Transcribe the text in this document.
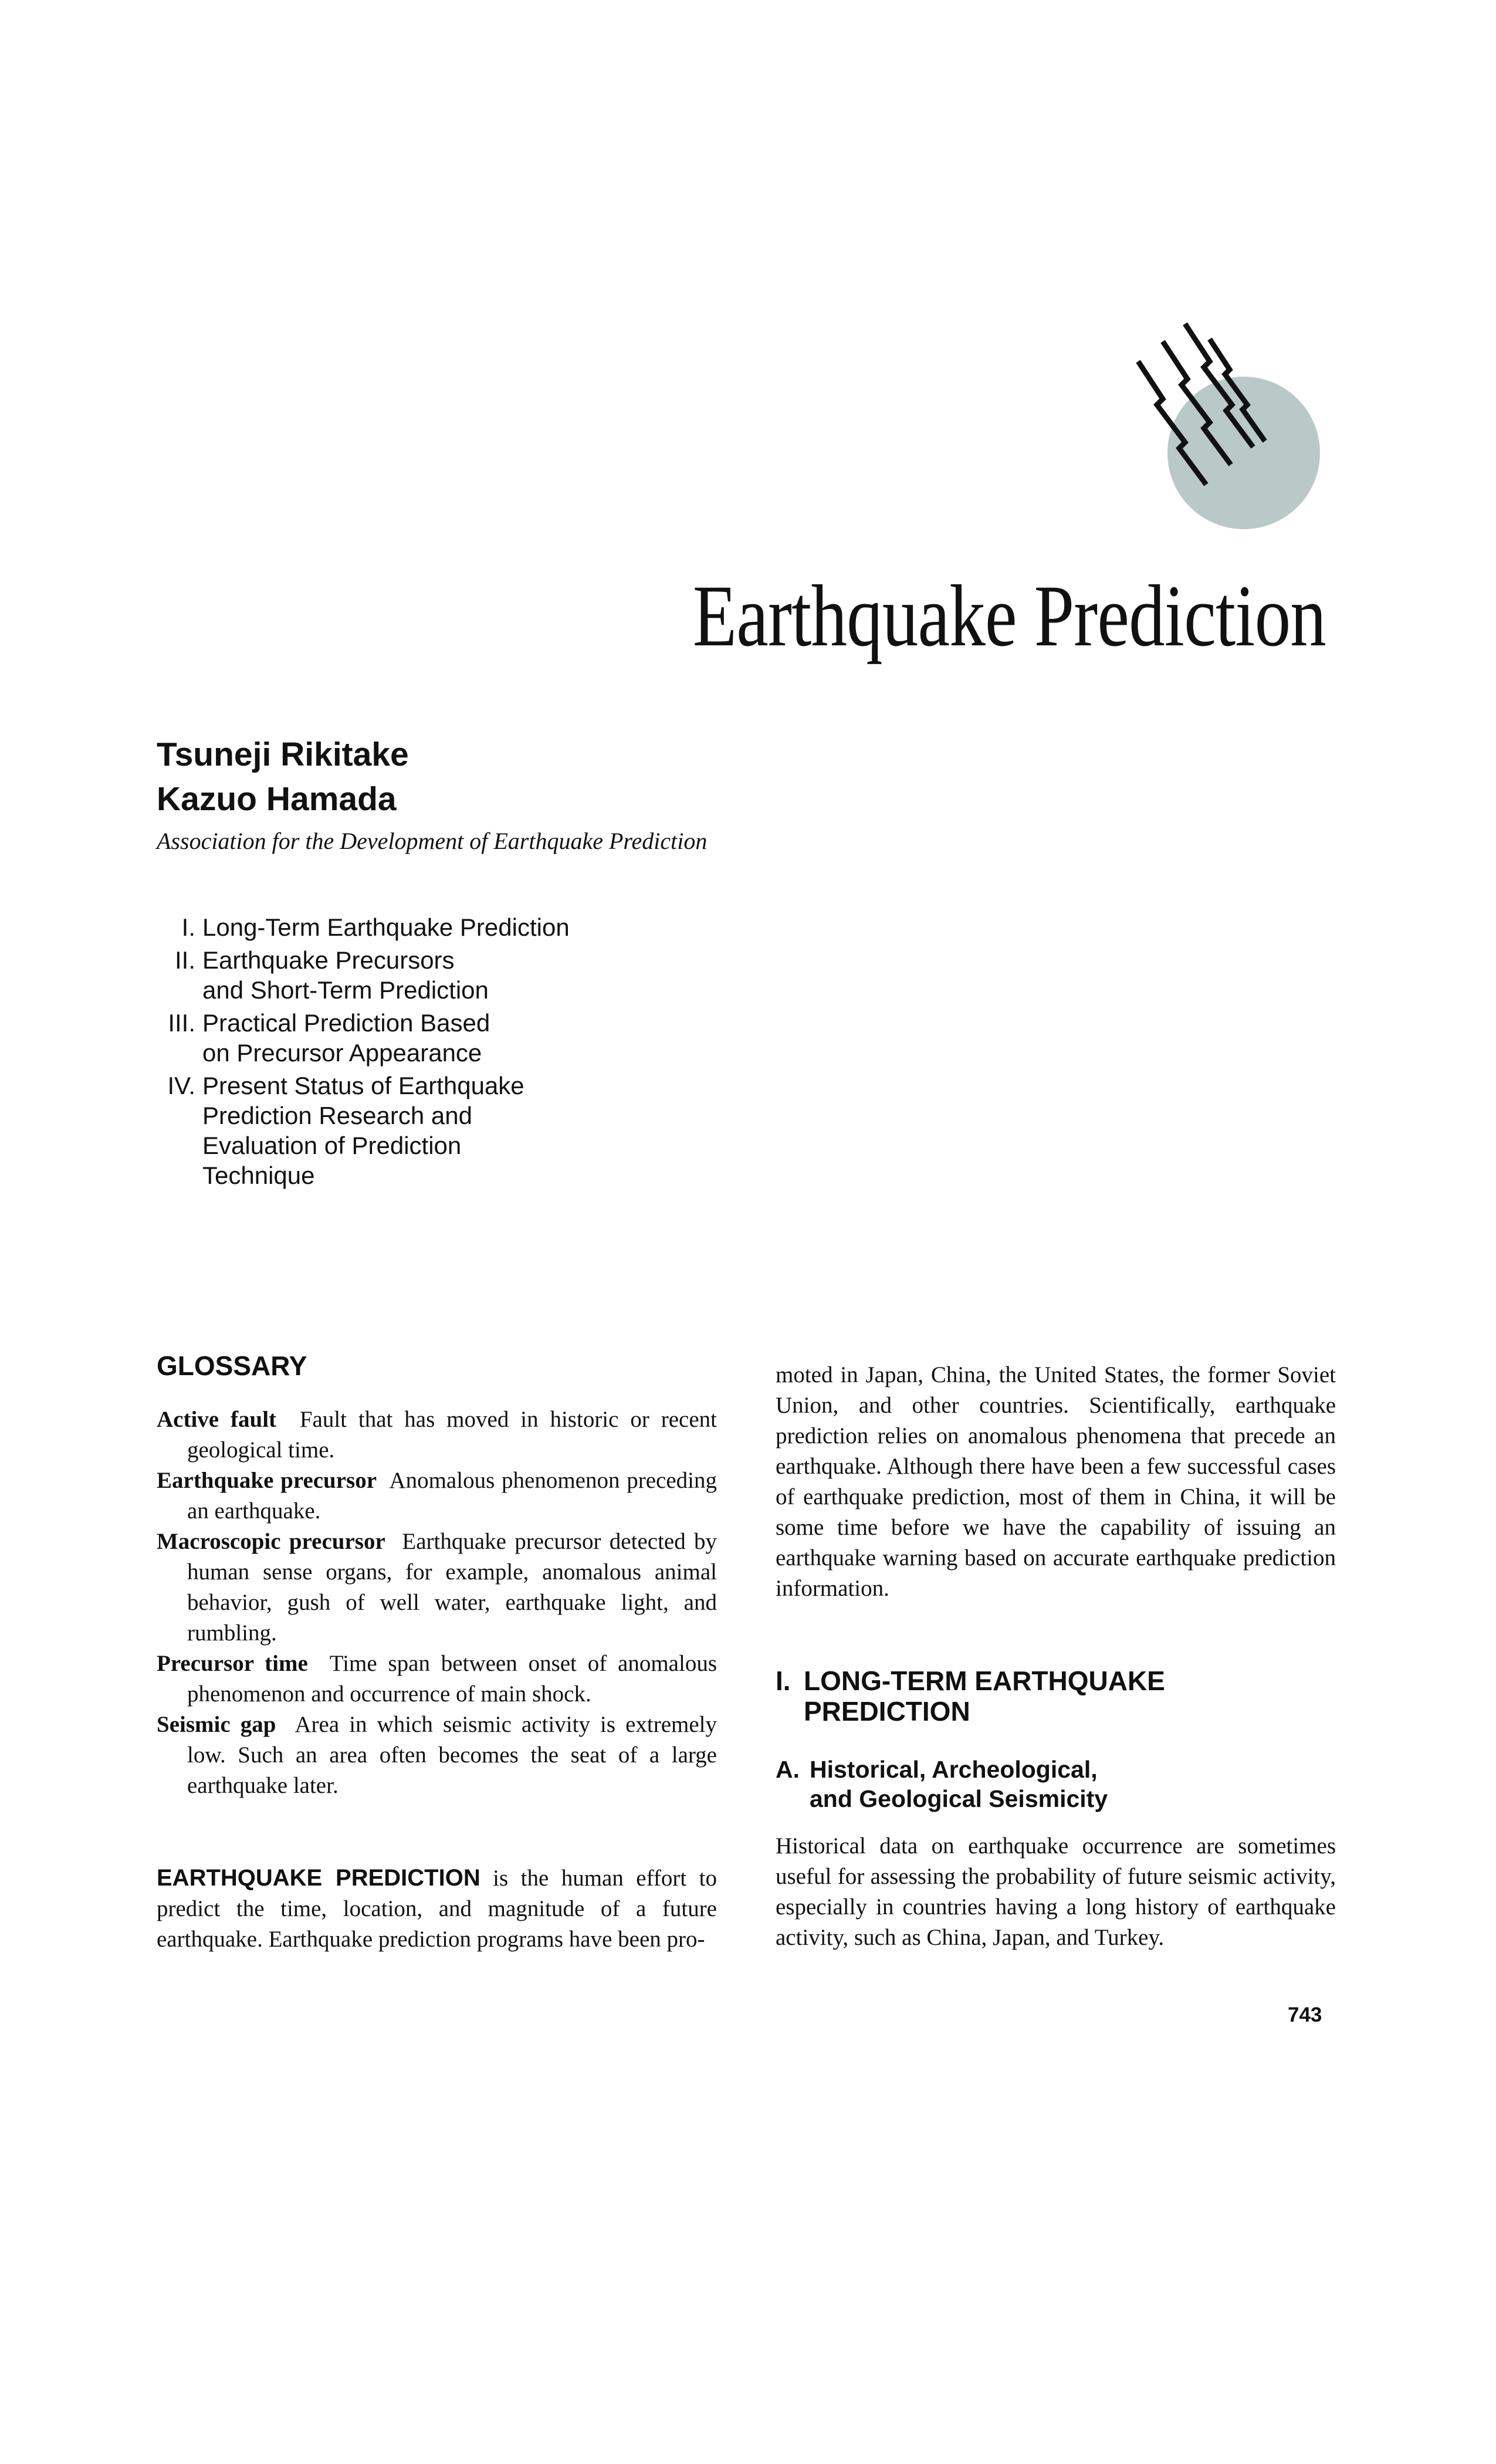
Earthquake Prediction
Tsuneji Rikitake
Kazuo Hamada
Association for the Development of Earthquake Prediction
I. Long-Term Earthquake Prediction
II. Earthquake Precursors
and Short-Term Prediction
III. Practical Prediction Based
on Precursor Appearance
IV. Present Status of Earthquake
Prediction Research and
Evaluation of Prediction
Technique
GLOSSARY

Active fault Fault that has moved in historic or recent geological time.

Earthquake precursor Anomalous phenomenon preceding an earthquake.

Macroscopic precursor Earthquake precursor detected by human sense organs, for example, anomalous animal behavior, gush of well water, earthquake light, and rumbling.

Precursor time Time span between onset of anomalous phenomenon and occurrence of main shock.

Seismic gap Area in which seismic activity is extremely low. Such an area often becomes the seat of a large earthquake later.

EARTHQUAKE PREDICTION is the human effort to predict the time, location, and magnitude of a future earthquake. Earthquake prediction programs have been pro-

moted in Japan, China, the United States, the former Soviet Union, and other countries. Scientifically, earthquake prediction relies on anomalous phenomena that precede an earthquake. Although there have been a few successful cases of earthquake prediction, most of them in China, it will be some time before we have the capability of issuing an earthquake warning based on accurate earthquake prediction information.

I. LONG-TERM EARTHQUAKE
PREDICTION
A. Historical, Archeological,
and Geological Seismicity

Historical data on earthquake occurrence are sometimes useful for assessing the probability of future seismic activity, especially in countries having a long history of earthquake activity, such as China, Japan, and Turkey.

743
